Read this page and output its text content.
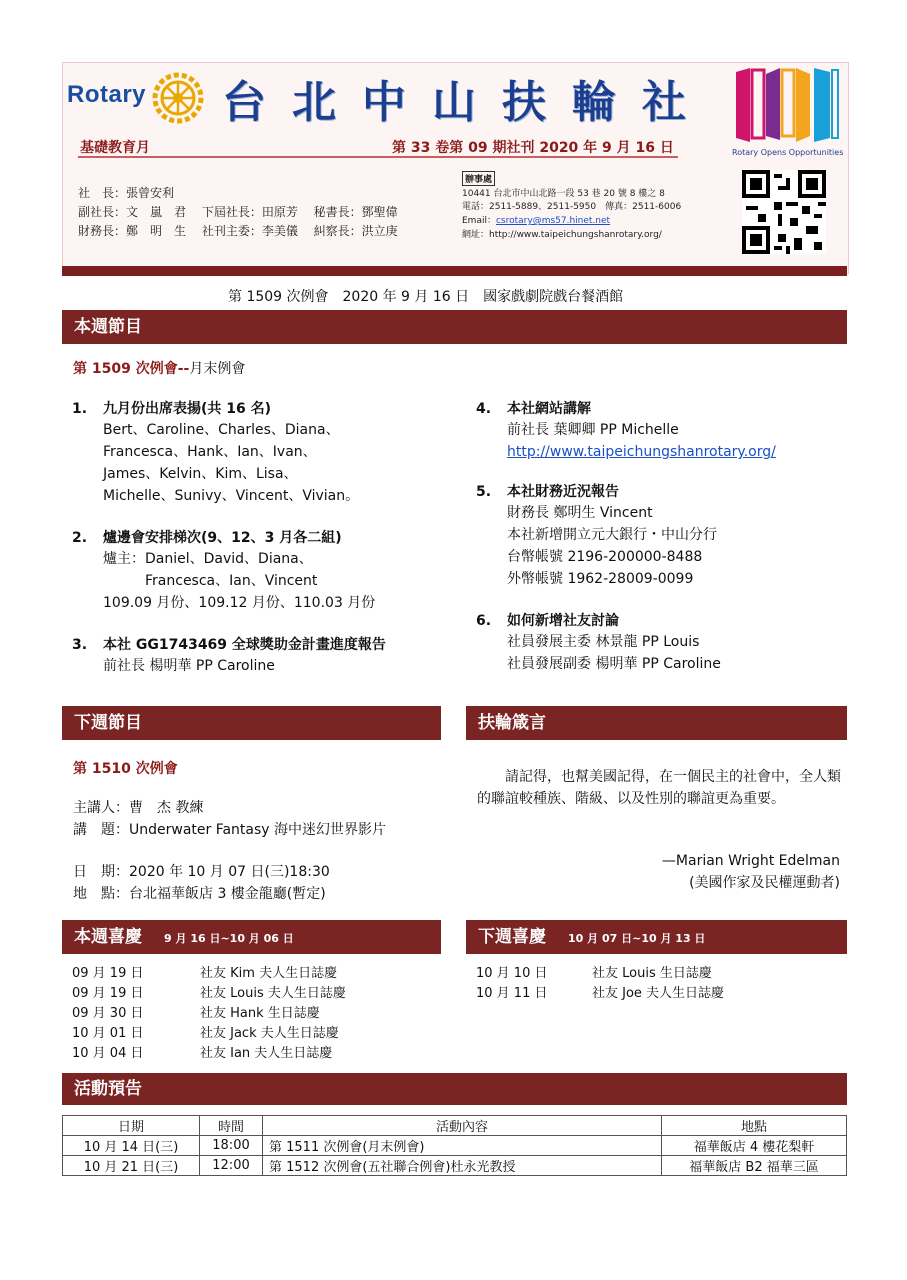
Rotary 台北中山扶輪社
Rotary Opens Opportunities
基礎教育月	第 33 卷第 09 期社刊 2020 年 9 月 16 日
社　長：張曾安利
副社長：文　嵐　君　 下屆社長：田原芳　 秘書長：鄧聖偉
財務長：鄭　明　生　 社刊主委：李美儀　 糾察長：洪立庚
辦事處
10441 台北市中山北路一段 53 巷 20 號 8 樓之 8
電話：2511-5889、2511-5950　傳真：2511-6006
Email：csrotary@ms57.hinet.net
網址：http://www.taipeichungshanrotary.org/
第 1509 次例會　2020 年 9 月 16 日　國家戲劇院戲台餐酒館
本週節目
第 1509 次例會--月末例會
1. 九月份出席表揚(共 16 名)
Bert、Caroline、Charles、Diana、
Francesca、Hank、Ian、Ivan、
James、Kelvin、Kim、Lisa、
Michelle、Sunivy、Vincent、Vivian。
2. 爐邊會安排梯次(9、12、3 月各二組)
爐主：Daniel、David、Diana、
　　　Francesca、Ian、Vincent
109.09 月份、109.12 月份、110.03 月份
3. 本社 GG1743469 全球獎助金計畫進度報告
前社長 楊明華 PP Caroline
4. 本社網站講解
前社長 葉卿卿 PP Michelle
http://www.taipeichungshanrotary.org/
5. 本社財務近況報告
財務長 鄭明生 Vincent
本社新增開立元大銀行・中山分行
台幣帳號 2196-200000-8488
外幣帳號 1962-28009-0099
6. 如何新增社友討論
社員發展主委 林景龍 PP Louis
社員發展副委 楊明華 PP Caroline
下週節目
第 1510 次例會
主講人：曹　杰 教練
講　題：Underwater Fantasy 海中迷幻世界影片
日　期：2020 年 10 月 07 日(三)18:30
地　點：台北福華飯店 3 樓金龍廳(暫定)
扶輪箴言
請記得，也幫美國記得，在一個民主的社會中，全人類的聯誼較種族、階級、以及性別的聯誼更為重要。
—Marian Wright Edelman
(美國作家及民權運動者)
本週喜慶 9 月 16 日~10 月 06 日
09 月 19 日	社友 Kim 夫人生日誌慶
09 月 19 日	社友 Louis 夫人生日誌慶
09 月 30 日	社友 Hank 生日誌慶
10 月 01 日	社友 Jack 夫人生日誌慶
10 月 04 日	社友 Ian 夫人生日誌慶
下週喜慶 10 月 07 日~10 月 13 日
10 月 10 日	社友 Louis 生日誌慶
10 月 11 日	社友 Joe 夫人生日誌慶
活動預告
日期	時間	活動內容	地點
10 月 14 日(三)	18:00	第 1511 次例會(月末例會)	福華飯店 4 樓花梨軒
10 月 21 日(三)	12:00	第 1512 次例會(五社聯合例會)杜永光教授	福華飯店 B2 福華三區
